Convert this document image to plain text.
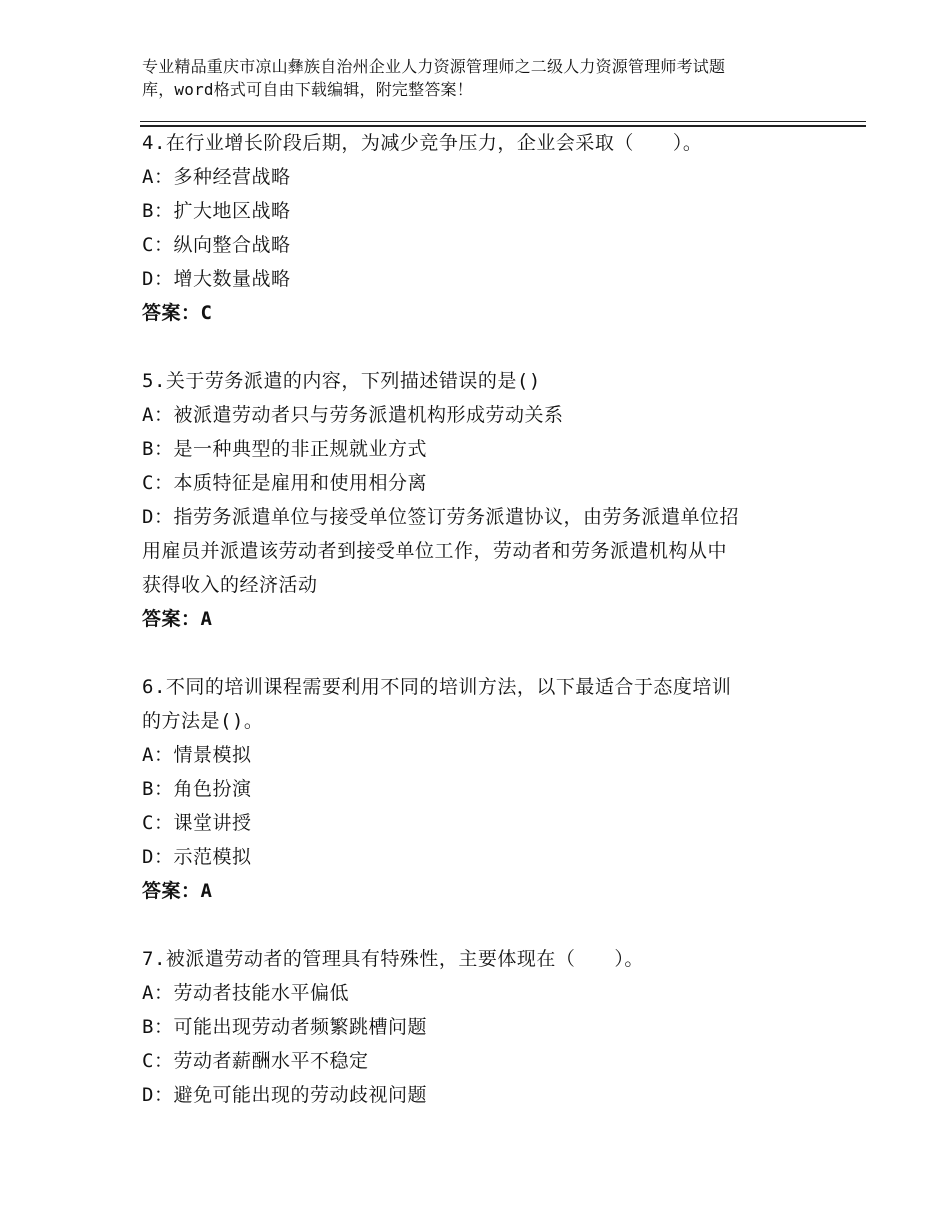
专业精品重庆市凉山彝族自治州企业人力资源管理师之二级人力资源管理师考试题
库，word格式可自由下载编辑，附完整答案！
4.在行业增长阶段后期，为减少竞争压力，企业会采取（　　）。
A：多种经营战略
B：扩大地区战略
C：纵向整合战略
D：增大数量战略
答案：C
5.关于劳务派遣的内容，下列描述错误的是()
A：被派遣劳动者只与劳务派遣机构形成劳动关系
B：是一种典型的非正规就业方式
C：本质特征是雇用和使用相分离
D：指劳务派遣单位与接受单位签订劳务派遣协议，由劳务派遣单位招
用雇员并派遣该劳动者到接受单位工作，劳动者和劳务派遣机构从中
获得收入的经济活动
答案：A
6.不同的培训课程需要利用不同的培训方法，以下最适合于态度培训
的方法是()。
A：情景模拟
B：角色扮演
C：课堂讲授
D：示范模拟
答案：A
7.被派遣劳动者的管理具有特殊性，主要体现在（　　）。
A：劳动者技能水平偏低
B：可能出现劳动者频繁跳槽问题
C：劳动者薪酬水平不稳定
D：避免可能出现的劳动歧视问题
